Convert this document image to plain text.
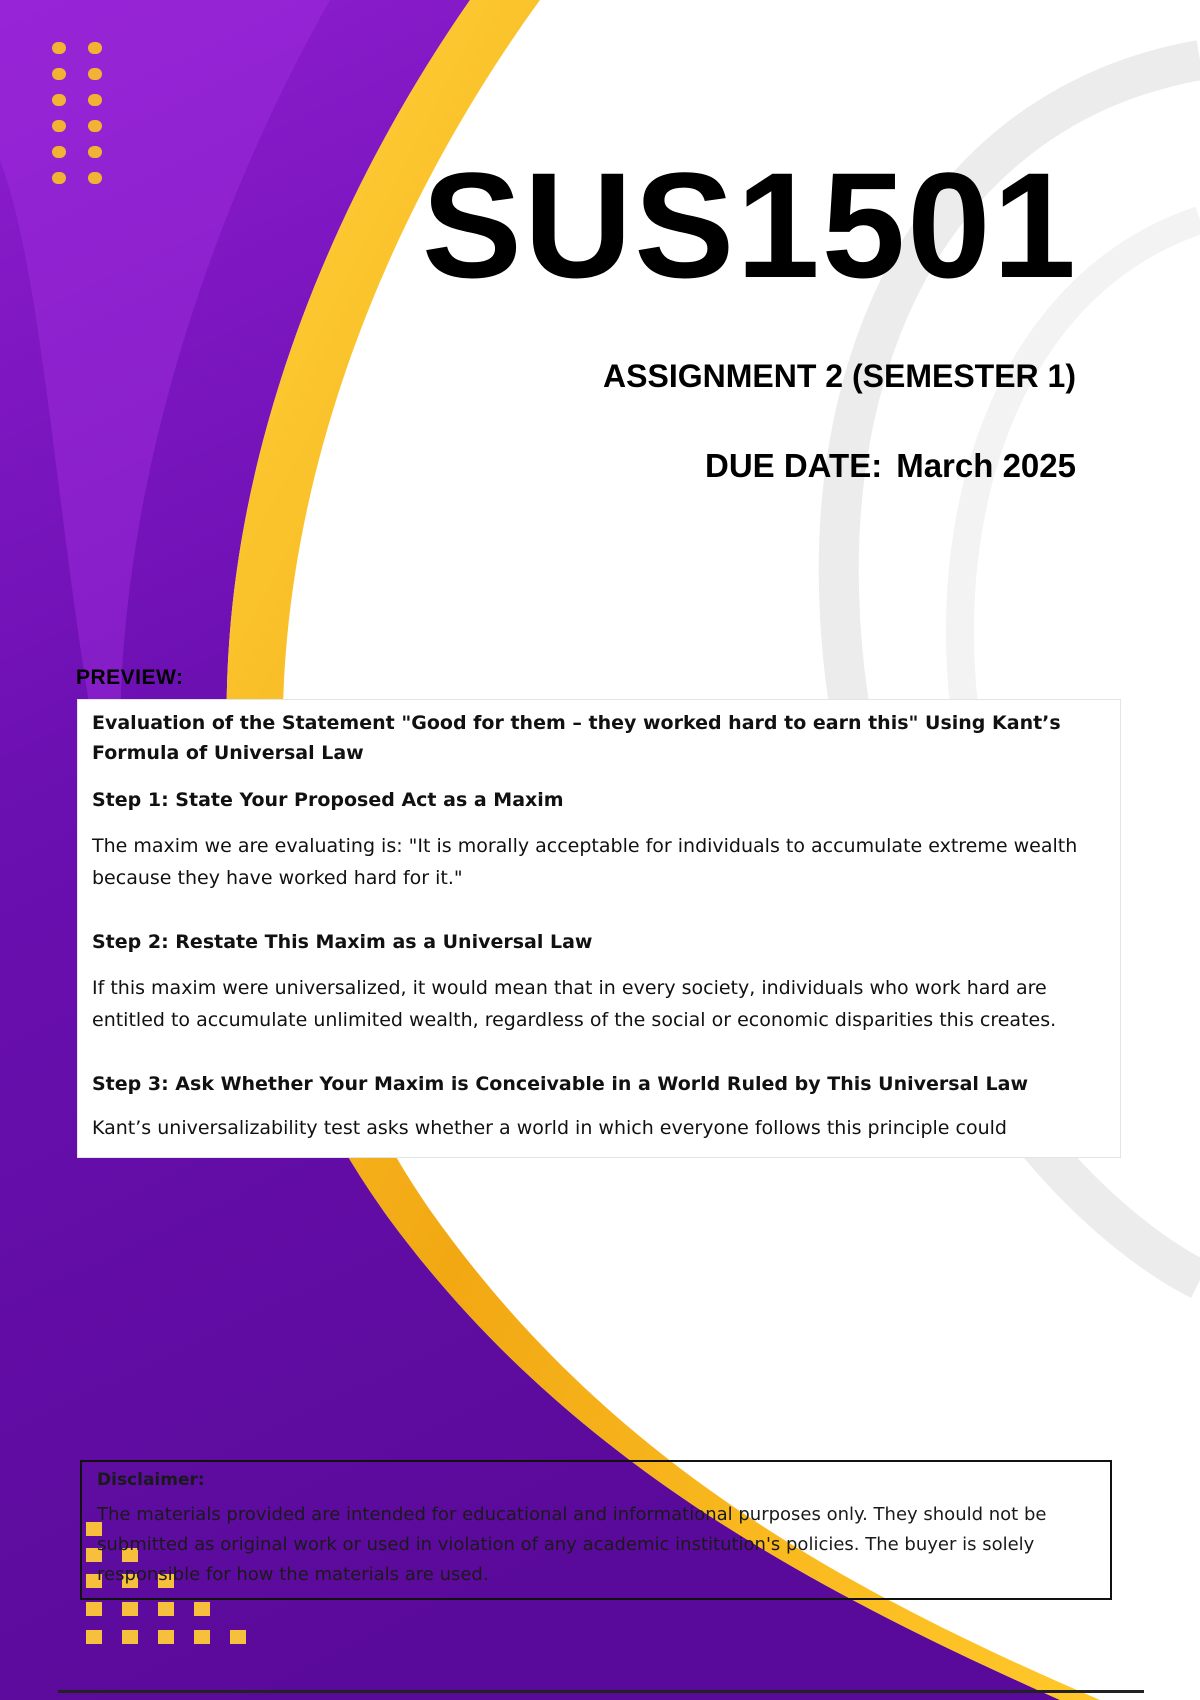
SUS1501
ASSIGNMENT 2 (SEMESTER 1)
DUE DATE: March 2025
PREVIEW:

Evaluation of the Statement "Good for them – they worked hard to earn this" Using Kant’s Formula of Universal Law

Step 1: State Your Proposed Act as a Maxim

The maxim we are evaluating is: "It is morally acceptable for individuals to accumulate extreme wealth because they have worked hard for it."

Step 2: Restate This Maxim as a Universal Law

If this maxim were universalized, it would mean that in every society, individuals who work hard are entitled to accumulate unlimited wealth, regardless of the social or economic disparities this creates.

Step 3: Ask Whether Your Maxim is Conceivable in a World Ruled by This Universal Law

Kant’s universalizability test asks whether a world in which everyone follows this principle could

Disclaimer:
The materials provided are intended for educational and informational purposes only. They should not be submitted as original work or used in violation of any academic institution's policies. The buyer is solely responsible for how the materials are used.
